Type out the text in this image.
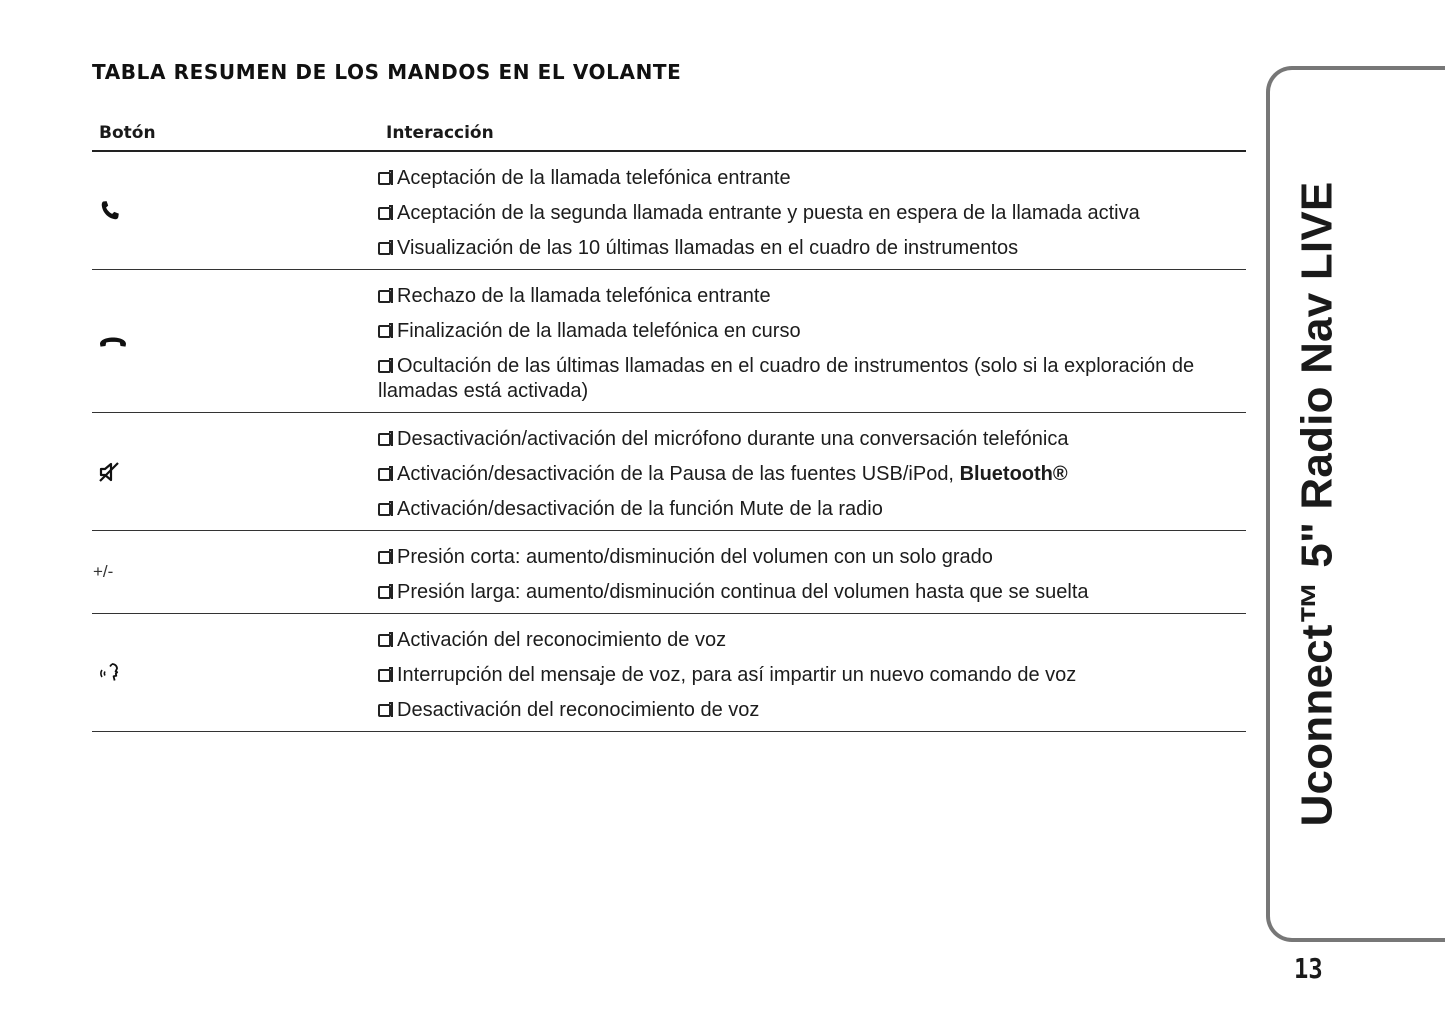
TABLA RESUMEN DE LOS MANDOS EN EL VOLANTE
Botón	Interacción
Aceptación de la llamada telefónica entrante
Aceptación de la segunda llamada entrante y puesta en espera de la llamada activa
Visualización de las 10 últimas llamadas en el cuadro de instrumentos
Rechazo de la llamada telefónica entrante
Finalización de la llamada telefónica en curso
Ocultación de las últimas llamadas en el cuadro de instrumentos (solo si la exploración de llamadas está activada)
Desactivación/activación del micrófono durante una conversación telefónica
Activación/desactivación de la Pausa de las fuentes USB/iPod, Bluetooth®
Activación/desactivación de la función Mute de la radio
+/-
Presión corta: aumento/disminución del volumen con un solo grado
Presión larga: aumento/disminución continua del volumen hasta que se suelta
Activación del reconocimiento de voz
Interrupción del mensaje de voz, para así impartir un nuevo comando de voz
Desactivación del reconocimiento de voz	Uconnect™ 5" Radio Nav LIVE
13
